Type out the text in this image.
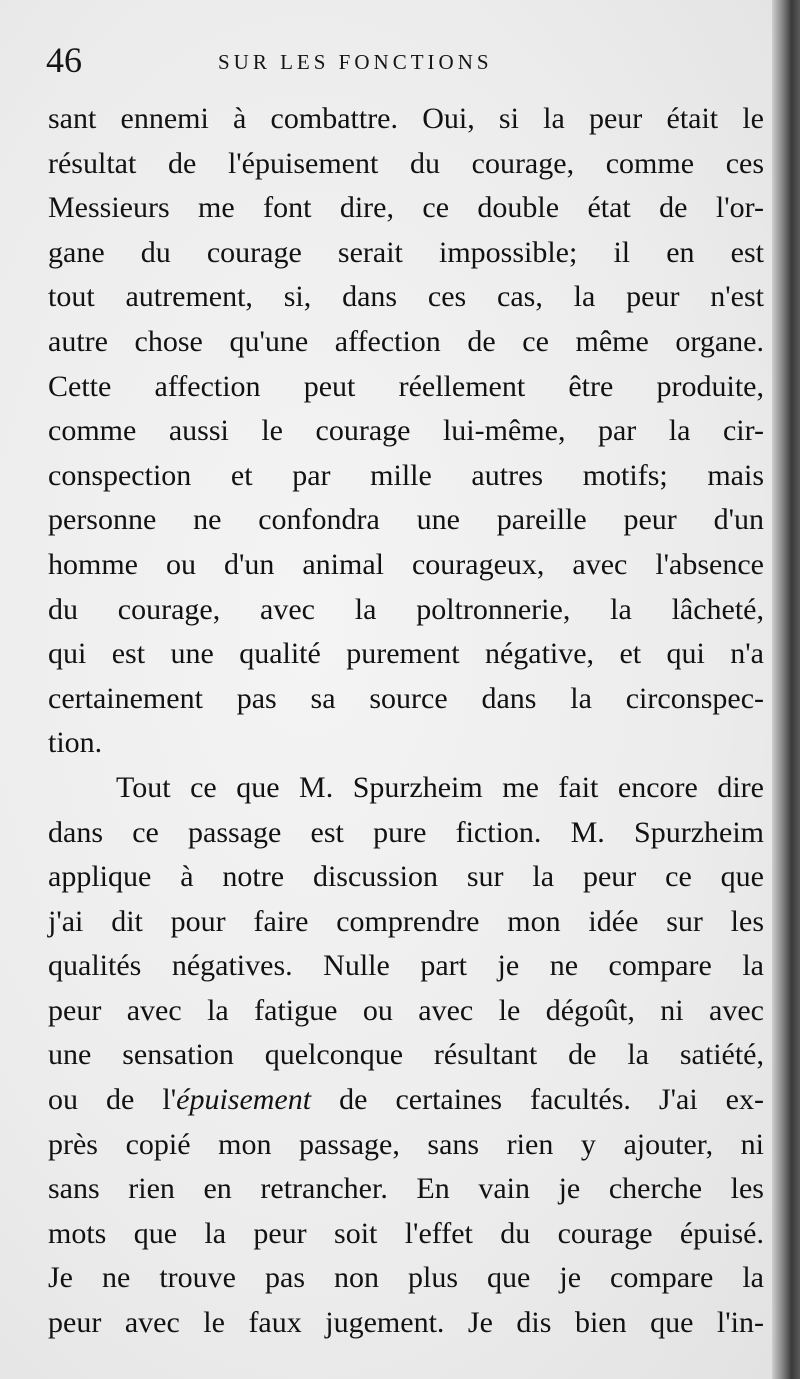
46	SUR LES FONCTIONS
sant ennemi à combattre. Oui, si la peur était le
résultat de l'épuisement du courage, comme ces
Messieurs me font dire, ce double état de l'or-
gane du courage serait impossible; il en est
tout autrement, si, dans ces cas, la peur n'est
autre chose qu'une affection de ce même organe.
Cette affection peut réellement être produite,
comme aussi le courage lui-même, par la cir-
conspection et par mille autres motifs; mais
personne ne confondra une pareille peur d'un
homme ou d'un animal courageux, avec l'absence
du courage, avec la poltronnerie, la lâcheté,
qui est une qualité purement négative, et qui n'a
certainement pas sa source dans la circonspec-
tion.
Tout ce que M. Spurzheim me fait encore dire
dans ce passage est pure fiction. M. Spurzheim
applique à notre discussion sur la peur ce que
j'ai dit pour faire comprendre mon idée sur les
qualités négatives. Nulle part je ne compare la
peur avec la fatigue ou avec le dégoût, ni avec
une sensation quelconque résultant de la satiété,
ou de l'épuisement de certaines facultés. J'ai ex-
près copié mon passage, sans rien y ajouter, ni
sans rien en retrancher. En vain je cherche les
mots que la peur soit l'effet du courage épuisé.
Je ne trouve pas non plus que je compare la
peur avec le faux jugement. Je dis bien que l'in-
